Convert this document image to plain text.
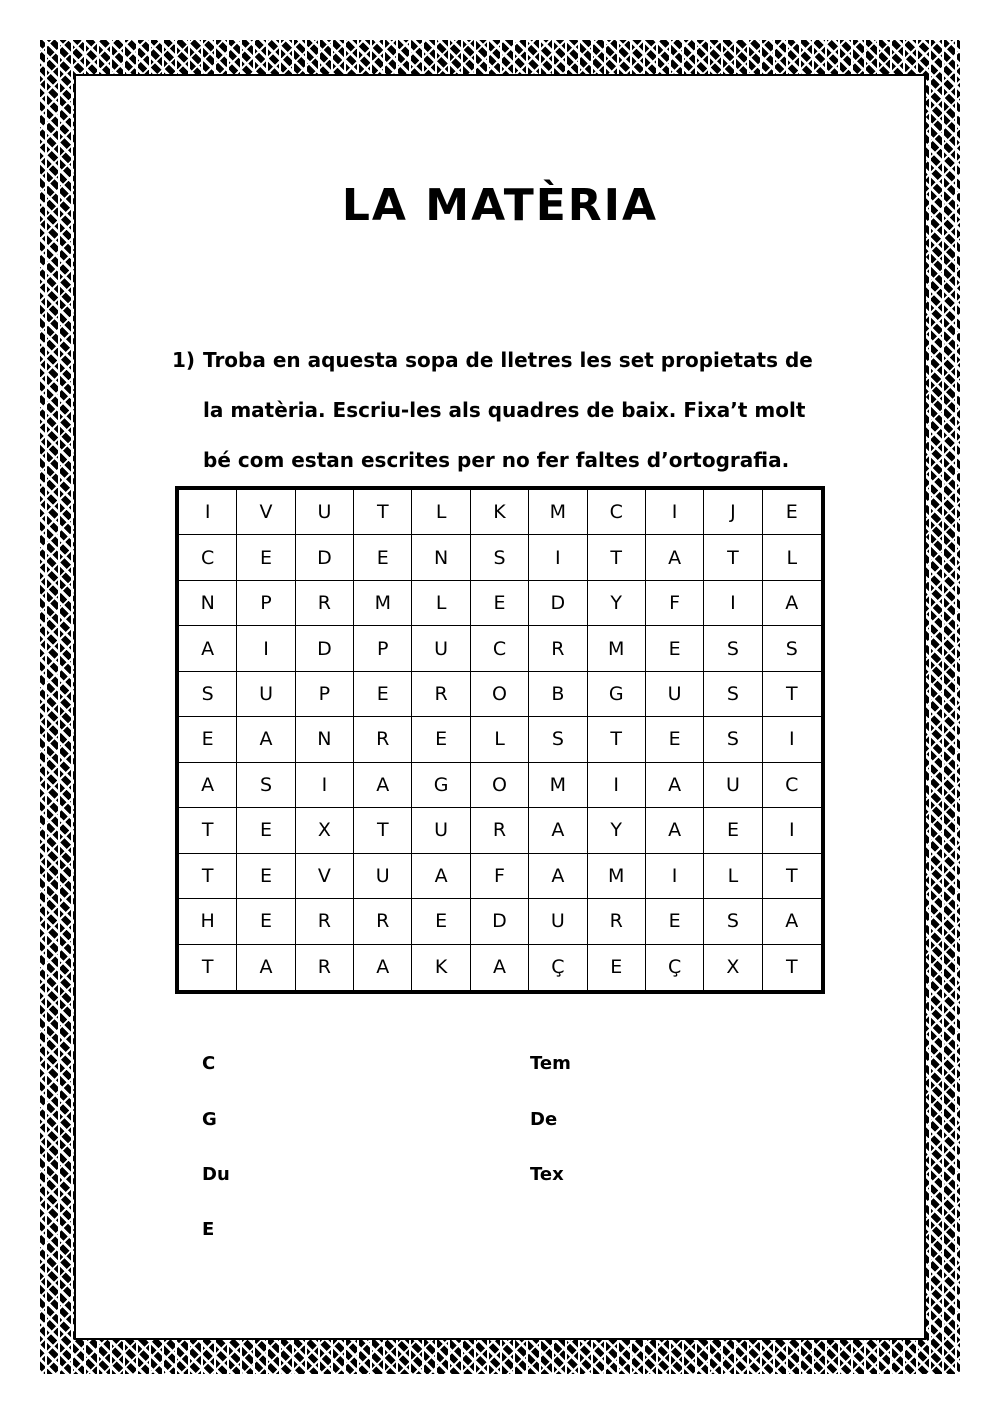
LA MATÈRIA

1) Troba en aquesta sopa de lletres les set propietats de

la matèria. Escriu-les als quadres de baix. Fixa’t molt

bé com estan escrites per no fer faltes d’ortografia.

I	V	U	T	L	K	M	C	I	J	E
C	E	D	E	N	S	I	T	A	T	L
N	P	R	M	L	E	D	Y	F	I	A
A	I	D	P	U	C	R	M	E	S	S
S	U	P	E	R	O	B	G	U	S	T
E	A	N	R	E	L	S	T	E	S	I
A	S	I	A	G	O	M	I	A	U	C
T	E	X	T	U	R	A	Y	A	E	I
T	E	V	U	A	F	A	M	I	L	T
H	E	R	R	E	D	U	R	E	S	A
T	A	R	A	K	A	Ç	E	Ç	X	T
C
G
Du
E
Tem
De
Tex
